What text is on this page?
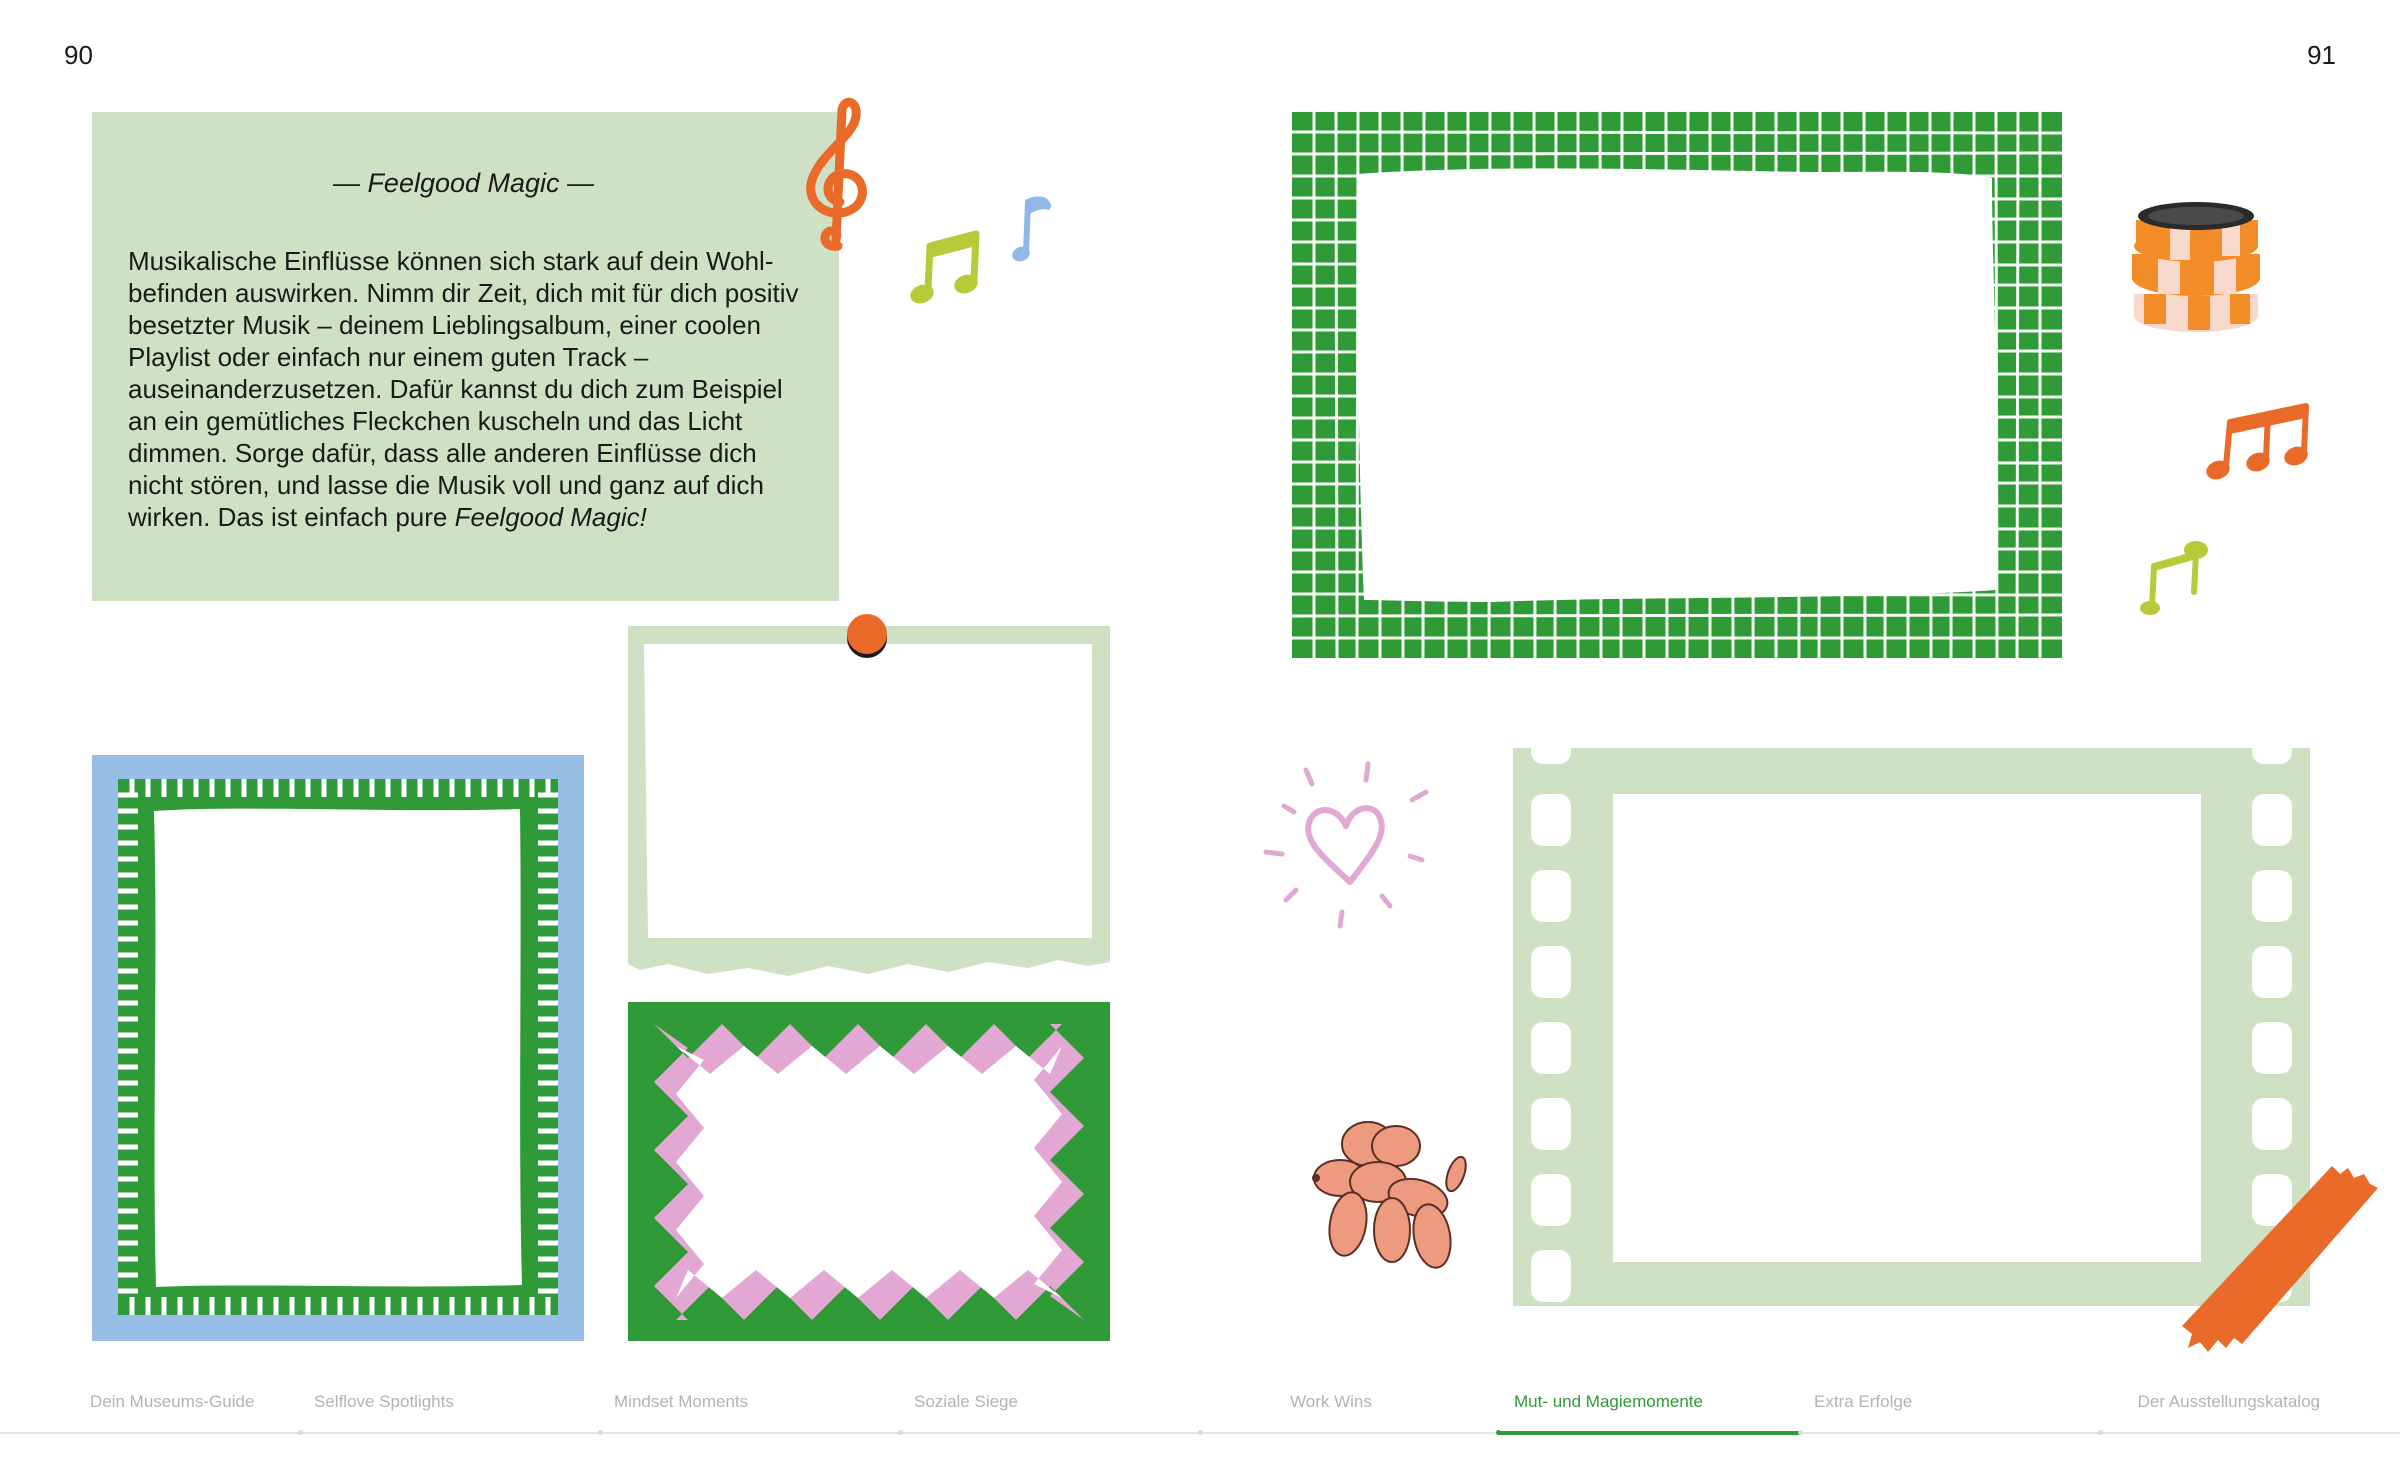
90	91
— Feelgood Magic —
Musikalische Einflüsse können sich stark auf dein Wohl-befinden auswirken. Nimm dir Zeit, dich mit für dich positiv besetzter Musik – deinem Lieblingsalbum, einer coolen Playlist oder einfach nur einem guten Track – auseinanderzusetzen. Dafür kannst du dich zum Beispiel an ein gemütliches Fleckchen kuscheln und das Licht dimmen. Sorge dafür, dass alle anderen Einflüsse dich nicht stören, und lasse die Musik voll und ganz auf dich wirken. Das ist einfach pure Feelgood Magic!
Dein Museums-Guide	Selflove Spotlights	Mindset Moments	Soziale Siege	Work Wins	Mut- und Magiemomente	Extra Erfolge	Der Ausstellungskatalog
